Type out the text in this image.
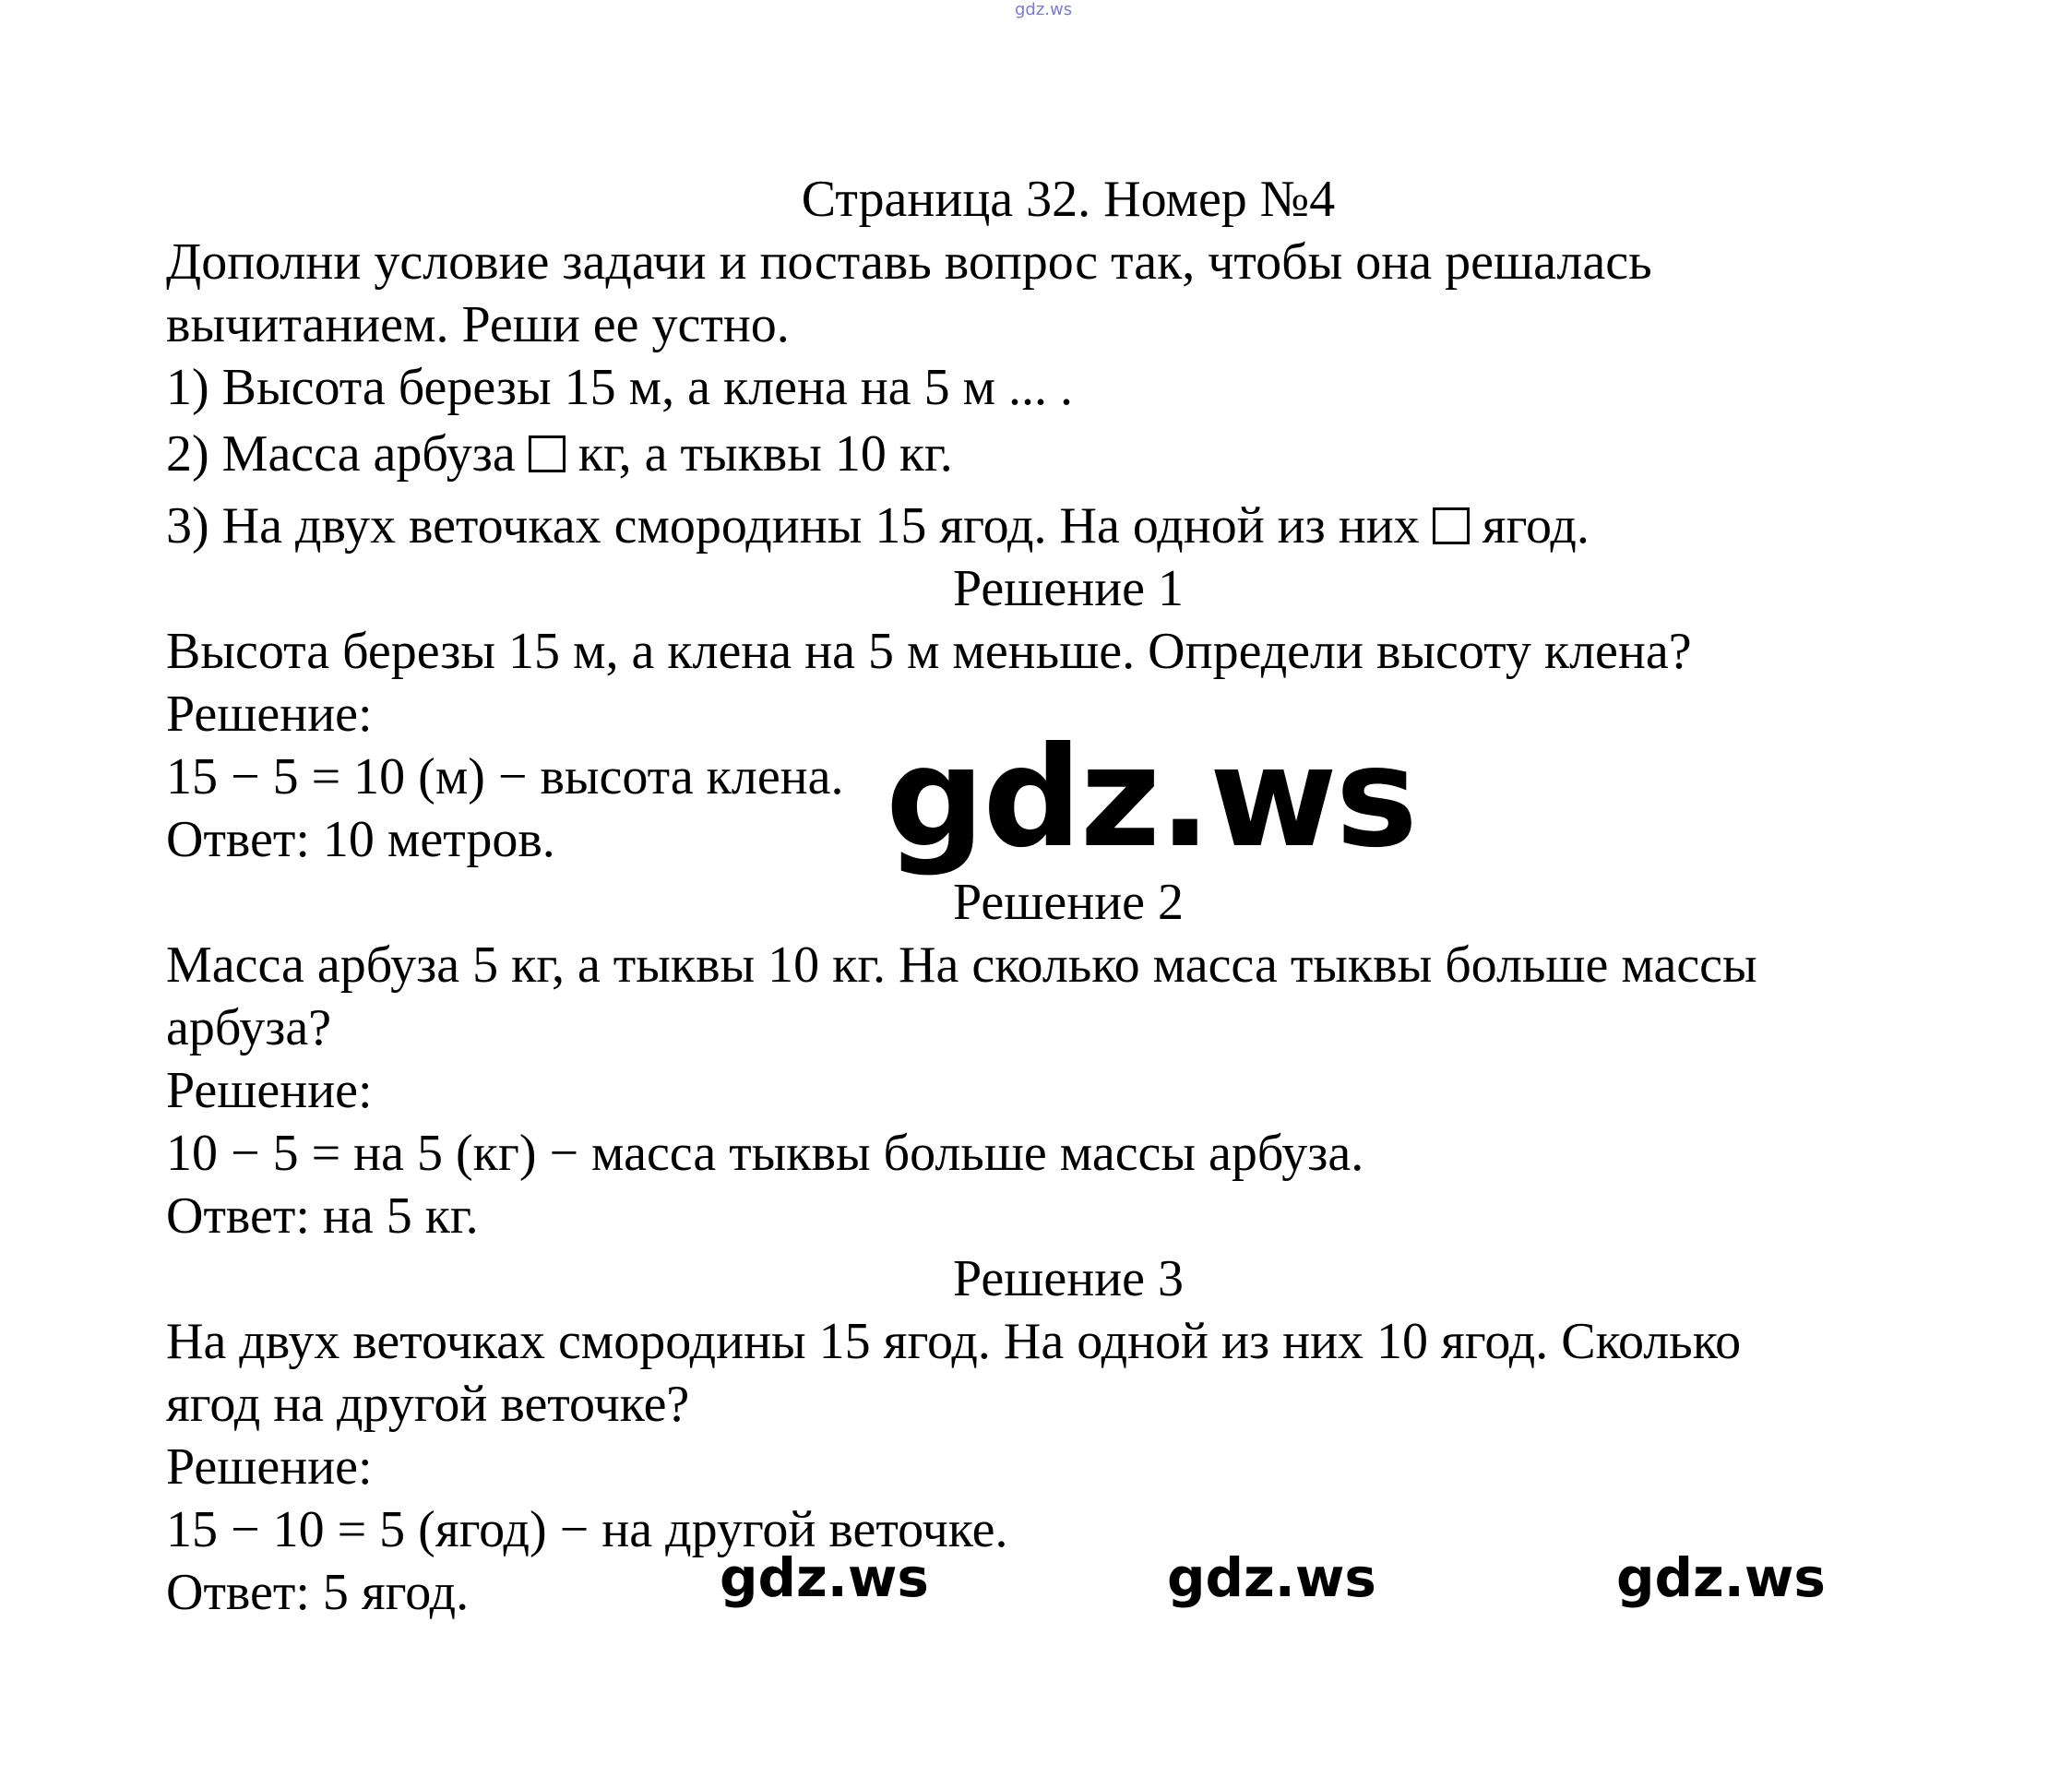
gdz.ws
Страница 32. Номер №4
Дополни условие задачи и поставь вопрос так, чтобы она решалась
вычитанием. Реши ее устно.
1) Высота березы 15 м, а клена на 5 м ... .
2) Масса арбуза кг, а тыквы 10 кг.
3) На двух веточках смородины 15 ягод. На одной из них ягод.
Решение 1
Высота березы 15 м, а клена на 5 м меньше. Определи высоту клена?
Решение:
15 − 5 = 10 (м) − высота клена.
Ответ: 10 метров.
Решение 2
Масса арбуза 5 кг, а тыквы 10 кг. На сколько масса тыквы больше массы
арбуза?
Решение:
10 − 5 = на 5 (кг) − масса тыквы больше массы арбуза.
Ответ: на 5 кг.
Решение 3
На двух веточках смородины 15 ягод. На одной из них 10 ягод. Сколько
ягод на другой веточке?
Решение:
15 − 10 = 5 (ягод) − на другой веточке.
Ответ: 5 ягод.
gdz.ws
gdz.ws	gdz.ws	gdz.ws
